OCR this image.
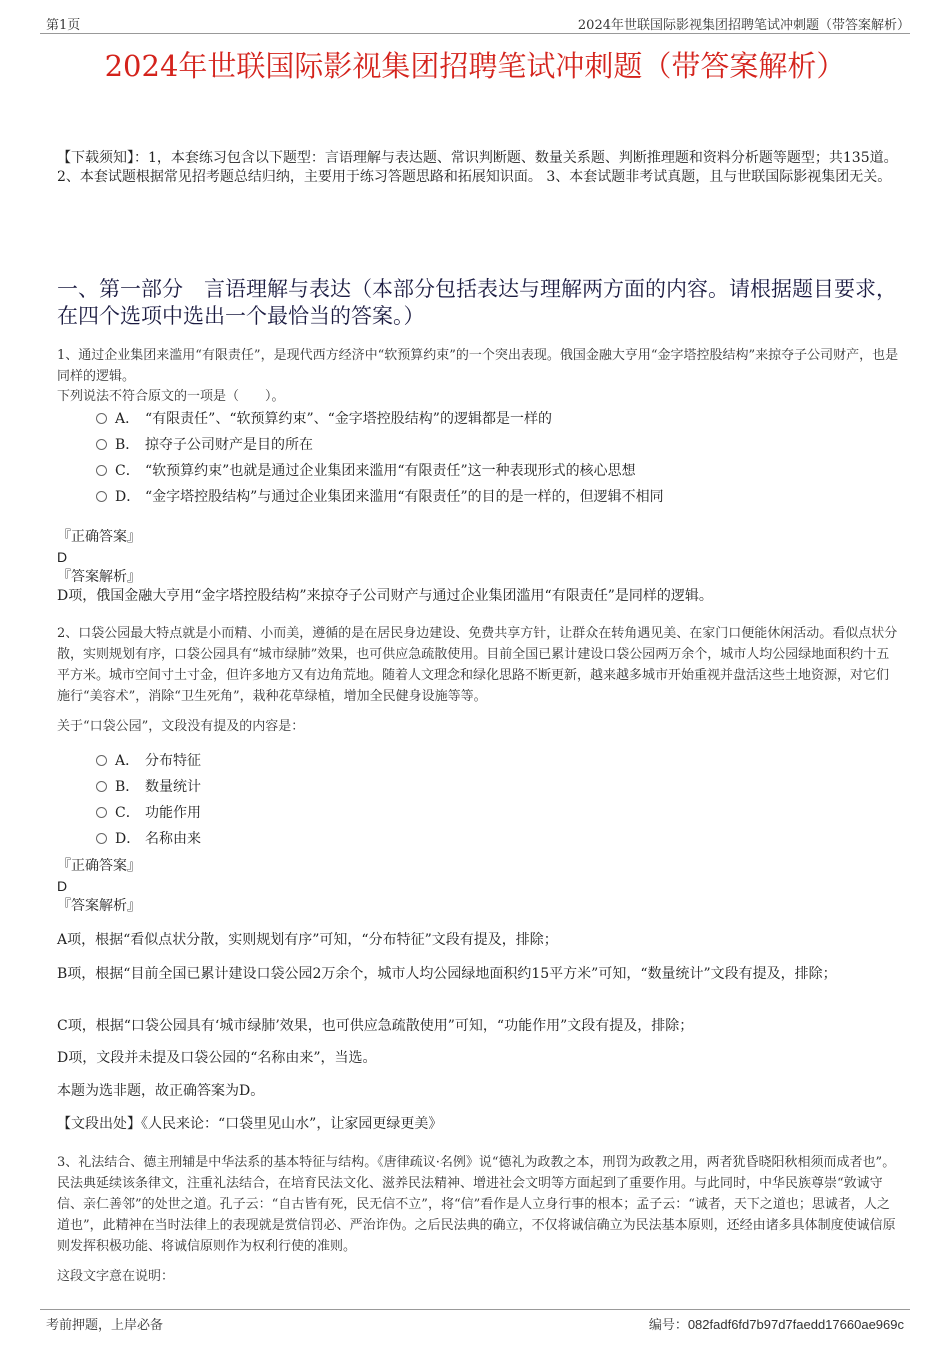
第1页	2024年世联国际影视集团招聘笔试冲刺题（带答案解析）
2024年世联国际影视集团招聘笔试冲刺题（带答案解析）
【下载须知】：1，本套练习包含以下题型：言语理解与表达题、常识判断题、数量关系题、判断推理题和资料分析题等题型；共135道。 2、本套试题根据常见招考题总结归纳，主要用于练习答题思路和拓展知识面。 3、本套试题非考试真题，且与世联国际影视集团无关。
一、第一部分　言语理解与表达（本部分包括表达与理解两方面的内容。请根据题目要求，在四个选项中选出一个最恰当的答案。）
1、通过企业集团来滥用“有限责任”，是现代西方经济中“软预算约束”的一个突出表现。俄国金融大亨用“金字塔控股结构”来掠夺子公司财产，也是同样的逻辑。
下列说法不符合原文的一项是（　　）。
A． “有限责任”、“软预算约束”、“金字塔控股结构”的逻辑都是一样的
B． 掠夺子公司财产是目的所在
C． “软预算约束”也就是通过企业集团来滥用“有限责任”这一种表现形式的核心思想
D． “金字塔控股结构”与通过企业集团来滥用“有限责任”的目的是一样的，但逻辑不相同
『正确答案』
D
『答案解析』
D项，俄国金融大亨用“金字塔控股结构”来掠夺子公司财产与通过企业集团滥用“有限责任”是同样的逻辑。
2、口袋公园最大特点就是小而精、小而美，遵循的是在居民身边建设、免费共享方针，让群众在转角遇见美、在家门口便能休闲活动。看似点状分散，实则规划有序，口袋公园具有“城市绿肺”效果，也可供应急疏散使用。目前全国已累计建设口袋公园两万余个，城市人均公园绿地面积约十五平方米。城市空间寸土寸金，但许多地方又有边角荒地。随着人文理念和绿化思路不断更新，越来越多城市开始重视并盘活这些土地资源，对它们施行“美容术”，消除“卫生死角”，栽种花草绿植，增加全民健身设施等等。
关于“口袋公园”，文段没有提及的内容是：
A． 分布特征
B． 数量统计
C． 功能作用
D． 名称由来
『正确答案』
D
『答案解析』
A项，根据“看似点状分散，实则规划有序”可知，“分布特征”文段有提及，排除；
B项，根据“目前全国已累计建设口袋公园2万余个，城市人均公园绿地面积约15平方米”可知，“数量统计”文段有提及，排除；
C项，根据“口袋公园具有‘城市绿肺’效果，也可供应急疏散使用”可知，“功能作用”文段有提及，排除；
D项，文段并未提及口袋公园的“名称由来”，当选。
本题为选非题，故正确答案为D。
【文段出处】《人民来论：“口袋里见山水”，让家园更绿更美》
3、礼法结合、德主刑辅是中华法系的基本特征与结构。《唐律疏议·名例》说“德礼为政教之本，刑罚为政教之用，两者犹昏晓阳秋相须而成者也”。民法典延续该条律文，注重礼法结合，在培育民法文化、滋养民法精神、增进社会文明等方面起到了重要作用。与此同时，中华民族尊崇“敦诚守信、亲仁善邻”的处世之道。孔子云：“自古皆有死，民无信不立”，将“信”看作是人立身行事的根本；孟子云：“诚者，天下之道也；思诚者，人之道也”，此精神在当时法律上的表现就是赏信罚必、严治诈伪。之后民法典的确立，不仅将诚信确立为民法基本原则，还经由诸多具体制度使诚信原则发挥积极功能、将诚信原则作为权利行使的准则。
这段文字意在说明：
考前押题，上岸必备	编号：082fadf6fd7b97d7faedd17660ae969c
